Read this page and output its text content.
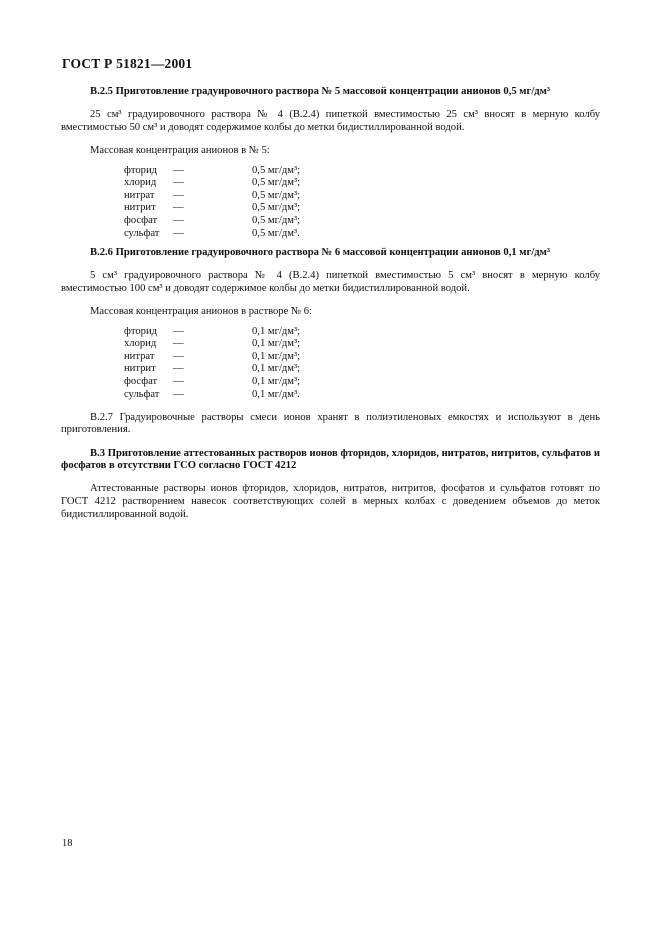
ГОСТ Р 51821—2001

В.2.5 Приготовление градуировочного раствора № 5 массовой концентрации анионов 0,5 мг/дм³

25 см³ градуировочного раствора № 4 (В.2.4) пипеткой вместимостью 25 см³ вносят в мерную колбу вместимостью 50 см³ и доводят содержимое колбы до метки бидистиллированной водой.

Массовая концентрация анионов в № 5:

фторид	—	0,5 мг/дм³;
хлорид	—	0,5 мг/дм³;
нитрат	—	0,5 мг/дм³;
нитрит	—	0,5 мг/дм³;
фосфат	—	0,5 мг/дм³;
сульфат	—	0,5 мг/дм³.

В.2.6 Приготовление градуировочного раствора № 6 массовой концентрации анионов 0,1 мг/дм³

5 см³ градуировочного раствора № 4 (В.2.4) пипеткой вместимостью 5 см³ вносят в мерную колбу вместимостью 100 см³ и доводят содержимое колбы до метки бидистиллированной водой.

Массовая концентрация анионов в растворе № 6:

фторид	—	0,1 мг/дм³;
хлорид	—	0,1 мг/дм³;
нитрат	—	0,1 мг/дм³;
нитрит	—	0,1 мг/дм³;
фосфат	—	0,1 мг/дм³;
сульфат	—	0,1 мг/дм³.

В.2.7 Градуировочные растворы смеси ионов хранят в полиэтиленовых емкостях и используют в день приготовления.

В.3 Приготовление аттестованных растворов ионов фторидов, хлоридов, нитратов, нитритов, сульфатов и фосфатов в отсутствии ГСО согласно ГОСТ 4212

Аттестованные растворы ионов фторидов, хлоридов, нитратов, нитритов, фосфатов и сульфатов готовят по ГОСТ 4212 растворением навесок соответствующих солей в мерных колбах с доведением объемов до меток бидистиллированной водой.

18
